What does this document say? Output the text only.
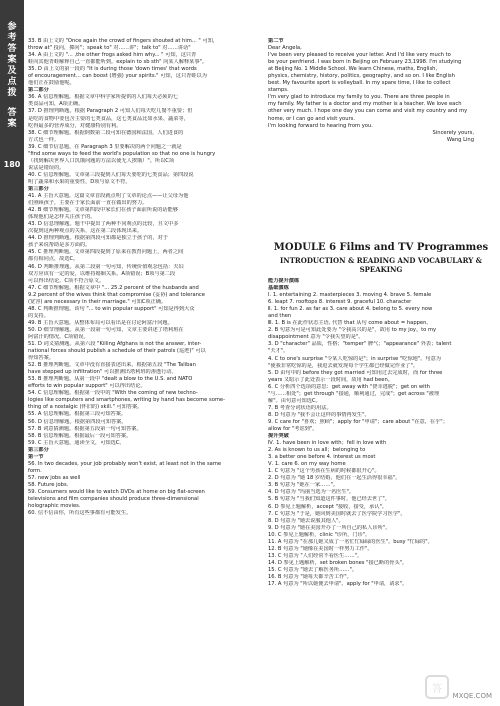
参考答案及点拨
答案
180

33. B 由上文的 "Once again the crowd of fingers shouted at him... " 可知，

throw at" 投向，掷向"；speak to" 对……讲"；talk to" 对……讲话"

34. A 由上文的 "... ,the other frogs asked him why... " 可知，这只青

蛙向其他青蛙解释自己一直都能听到。explain to sb sth" 向某人解释某事"。

35. D 由上文的第一段的 "It is during those 'down times' that words

of encouragement... can boost (增强) your spirits." 可知，这只青蛙以为

他们正在鼓励他呢。

第二部分

36. A 信息理解题。根据文章中科学家所提供的人们每天必须的七

类食品可知，A项正确。

37. D 推理判断题。根据 Paragraph 2 可知人们每天吃几餐不重要；但

是吃的食物中要包含主要的七类食品，这七类食品比如水果、蔬菜等，

吃得最多的营养成分，对健康特别有利。

38. C 细节理解题。根据倒数第二段可知在德国和法国，人们进食的

方式也一样。

39. C 细节信息题。在 Paragraph 3 里要解决的两个问题之一就是

"find some ways to feed the world's population so that no one is hungry

（找到解决世界人口饥饿问题的方法以使无人挨饿）"。所以C项

说法是错误的。

40. C 信息理解题。文章第三段提到人们每天要吃的七类食品；第四段说

明了蔬菜和水果的重要性，D项与原文不符。

第三部分

41. A 主旨大意题。这篇文章首段就点明了文章的论点——让父母为他

们照顾孩子，主要在于家长面前一直在做出的努力。

42. B 细节理解题。文章第四段中家长们在孩子面前所说的话能够

体现他们是怎样关注孩子的。

43. D 信息理解题。题干中提出了两种不同观点的比较，且文中多

次提到这两种观点的关系，这在第二段体现出来。

44. D 推理判断题。根据第四段可知都是独立于孩子的，对于

孩子来说帮助是多方面的。

45. C 推理判断题。文章第四段提到了原来在教育问题上，两者之间

都有相同点，故选C。

46. D 判断推理题。从第二段第一句可知，传统价值观念包括：夫妇

双方应该有一定的爱，以维持婚姻关系。A项错误；B项与第二段

可以得出结论。C项不符合原文。

47. C 细节理解题。根据文章中 "... 25.2 percent of the husbands and

9.2 percent of the wives think that compromise (妥协) and tolerance

(宽容) are necessary in their marriage." 可知C项正确。

48. C 判断推理题。该句 "... to win popular support" 可知是得到大众

的支持。

49. B 主旨大意题。从整体布局可以看出是在讨论阿富汗问题。

50. D 细节理解题。从第一段第一句可知，文章主要讲述了塔利班在

阿富汗的情况。C项错误。

51. D 词义猜测题。从第六段 "Killing Afghans is not the answer, inter-

national forces should publish a schedule of their patrols (巡逻)" 可以

得知答案。

52. B 推理判断题。文章中没有直接表述出来，根据第五段 "The Taliban

have stepped up infiltration" 可以推测出塔利班的渗透行动。

53. B 推理判断题。从第一段中 "dealt a blow to the U.S. and NATO

efforts to win popular support" 可以得出结论。

54. C 信息理解题。根据第一段中的 "With the coming of new techno-

logies like computers and smartphones, writing by hand has become some-

thing of a nostalgic (怀旧的) skill." 可知答案。

55. A 信息理解题。根据第三段可知答案。

56. D 信息理解题。根据第四段可知答案。

57. B 词意猜测题。根据第五段第一句可知答案。

58. B 信息理解题。根据最后一段可知答案。

59. C 主旨大意题。通读全文，可知选C。

第三部分

第一节

56. In two decades, your job probably won't exist, at least not in the same

form.

57. new jobs as well

58. Future jobs.

59. Consumers would like to watch DVDs at home on big flat-screen

televisions and film companies should produce three-dimensional

holographic movies.

60. 信不信由你，所有这些事都有可能发生。

第二节

Dear Angela,

I've been very pleased to receive your letter. And I'd like very much to

be your penfriend. I was born in Beijing on February 23,1998. I'm studying

at Beijing No. 1 Middle School. We learn Chinese, maths, English,

physics, chemistry, history, politics, geography, and so on. I like English

best. My favourite sport is volleyball. In my spare time, I like to collect

stamps.

I'm very glad to introduce my family to you. There are three people in

my family. My father is a doctor and my mother is a teacher. We love each

other very much. I hope one day you can come and visit my country and my

home, or I can go and visit yours.

I'm looking forward to hearing from you.

Sincerely yours,

Wang Ling

MODULE 6 Films and TV Programmes
INTRODUCTION & READING AND VOCABULARY & SPEAKING

能力提升演练

基础演练

Ⅰ. 1. entertaining 2. masterpieces 3. moving 4. brave 5. female

6. leapt 7. rooftops 8. interest 9. graceful 10. character

Ⅱ. 1. for fun 2. as far as 3. care about 4. belong to 5. every now

and then

Ⅲ. 1. B is 在此作状态主语, 代替 that 从句 come about = happen。

2. B 句意为可是可知此处要为 "令我高兴的是"，故用 to my joy。to my

disappointment 意为 "令我失望的是"。

3. D "character" 品质，性格；"temper" 脾气；"appearance" 外表；talent

"天才"。

4. C to one's surprise "令某人吃惊的是"；in surprise "吃惊地"。句意为

"使我非常吃惊的是，我进去就发现每个学生都已经做完作业了"。

5. D 由句中的 before they got married 可知用过去完成时，而 for three

years 又暗示了此处表示一段时间，故用 had been。

6. C 分析四个选项的意思：get away with "侥幸逃脱"；get on with

"与……相处"；get through "接通，顺利通过，完成"；get across "被理

解"。由句意可知选C。

7. B 考查分词状语的用法。

8. D 句意为 "我不会让这样的事情再发生"。

9. C care for "喜欢；照顾"；apply for "申请"；care about "在意，在乎"；

allow for "考虑到"。

提升突破

Ⅳ. 1. have been in love with；fell in love with

2. As is known to us all；belonging to

3. a better one before 4. interest us most

Ⅴ. 1. care 6. on my way home

1. C 句意为 "这个男孩在生病的时候都很开心"。

2. D 句意为 "她 18 岁结婚，他们在一起生活得很幸福"。

3. B 句意为 "她在一家……"。

4. D 句意为 "玛丽当选为一名医生"。

5. B 句意为 "当我们知道这件事时，他已经去世了"。

6. D 参见上题解析，accept "接收，接受，承认"。

7. C 句意为 "于是，她回到美国时就去了医学院学习医学"。

8. D 句意为 "她去说服其他人"。

9. D 句意为 "她在美国开办了一所自己的私人诊所"。

10. C 参见上题解析，clinic "诊所，门诊"。

11. A 句意为 "在那儿她又成了一名忙忙碌碌的医生"。busy "忙碌的"。

12. B 句意为 "她像在美国时一样努力工作"。

13. C 句意为 "人们经常不看医生……"。

14. D 参见上题解析，set broken bones "接已断的骨头"。

15. C 句意为 "她去了解医务所……"。

16. B 句意为 "她每天都辛苦工作"。

17. A 句意为 "所以她便去申请"。apply for "申请，请求"。

答
MXQE.COM
